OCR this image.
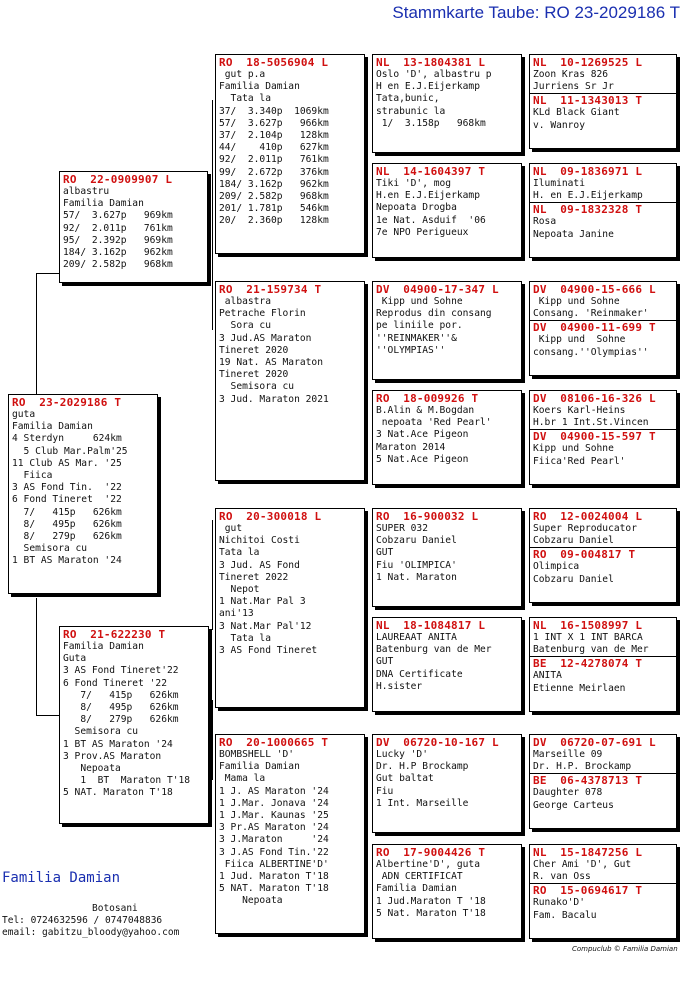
Stammkarte Taube: RO 23-2029186 T
RO  23-2029186 T
guta
Familia Damian
4 Sterdyn     624km
5 Club Mar.Palm'25
11 Club AS Mar. '25
Fiica
3 AS Fond Tin.  '22
6 Fond Tineret  '22
7/   415p   626km
8/   495p   626km
8/   279p   626km
Semisora cu
1 BT AS Maraton '24
RO  22-0909907 L
albastru
Familia Damian
57/  3.627p   969km
92/  2.011p   761km
95/  2.392p   969km
184/ 3.162p   962km
209/ 2.582p   968km
RO  21-622230 T
Familia Damian
Guta
3 AS Fond Tineret'22
6 Fond Tineret '22
7/   415p   626km
8/   495p   626km
8/   279p   626km
Semisora cu
1 BT AS Maraton '24
3 Prov.AS Maraton
Nepoata
1  BT  Maraton T'18
5 NAT. Maraton T'18
RO  18-5056904 L
gut p.a
Familia Damian
Tata la
37/  3.340p  1069km
57/  3.627p   966km
37/  2.104p   128km
44/    410p   627km
92/  2.011p   761km
99/  2.672p   376km
184/ 3.162p   962km
209/ 2.582p   968km
201/ 1.781p   546km
20/  2.360p   128km
RO  21-159734 T
albastra
Petrache Florin
Sora cu
3 Jud.AS Maraton
Tineret 2020
19 Nat. AS Maraton
Tineret 2020
Semisora cu
3 Jud. Maraton 2021
RO  20-300018 L
gut
Nichitoi Costi
Tata la
3 Jud. AS Fond
Tineret 2022
Nepot
1 Nat.Mar Pal 3
ani'13
3 Nat.Mar Pal'12
Tata la
3 AS Fond Tineret
RO  20-1000665 T
BOMBSHELL 'D'
Familia Damian
Mama la
1 J. AS Maraton '24
1 J.Mar. Jonava '24
1 J.Mar. Kaunas '25
3 Pr.AS Maraton '24
3 J.Maraton     '24
3 J.AS Fond Tin.'22
Fiica ALBERTINE'D'
1 Jud. Maraton T'18
5 NAT. Maraton T'18
Nepoata
NL  13-1804381 L
Oslo 'D', albastru p
H en E.J.Eijerkamp
Tata,bunic,
strabunic la
1/  3.158p   968km
NL  14-1604397 T
Tiki 'D', mog
H.en E.J.Eijerkamp
Nepoata Drogba
1e Nat. Asduif  '06
7e NPO Perigueux
DV  04900-17-347 L
Kipp und Sohne
Reprodus din consang
pe liniile por.
''REINMAKER''&
''OLYMPIAS''
RO  18-009926 T
B.Alin & M.Bogdan
nepoata 'Red Pearl'
3 Nat.Ace Pigeon
Maraton 2014
5 Nat.Ace Pigeon
RO  16-900032 L
SUPER 032
Cobzaru Daniel
GUT
Fiu 'OLIMPICA'
1 Nat. Maraton
NL  18-1084817 L
LAUREAAT ANITA
Batenburg van de Mer
GUT
DNA Certificate
H.sister
DV  06720-10-167 L
Lucky 'D'
Dr. H.P Brockamp
Gut baltat
Fiu
1 Int. Marseille
RO  17-9004426 T
Albertine'D', guta
ADN CERTIFICAT
Familia Damian
1 Jud.Maraton T '18
5 Nat. Maraton T'18
NL  10-1269525 L
Zoon Kras 826
Jurriens Sr Jr
NL  11-1343013 T
KLd Black Giant
v. Wanroy
NL  09-1836971 L
Iluminati
H. en E.J.Eijerkamp
NL  09-1832328 T
Rosa
Nepoata Janine
DV  04900-15-666 L
Kipp und Sohne
Consang. 'Reinmaker'
DV  04900-11-699 T
Kipp und  Sohne
consang.''Olympias''
DV  08106-16-326 L
Koers Karl-Heins
H.br 1 Int.St.Vincen
DV  04900-15-597 T
Kipp und Sohne
Fiica'Red Pearl'
RO  12-0024004 L
Super Reproducator
Cobzaru Daniel
RO  09-004817 T
Olimpica
Cobzaru Daniel
NL  16-1508997 L
1 INT X 1 INT BARCA
Batenburg van de Mer
BE  12-4278074 T
ANITA
Etienne Meirlaen
DV  06720-07-691 L
Marseille 09
Dr. H.P. Brockamp
BE  06-4378713 T
Daughter 078
George Carteus
NL  15-1847256 L
Cher Ami 'D', Gut
R. van Oss
RO  15-0694617 T
Runako'D'
Fam. Bacalu
Familia Damian
Botosani
Tel: 0724632596 / 0747048836
email: gabitzu_bloody@yahoo.com
Compuclub © Familia Damian
